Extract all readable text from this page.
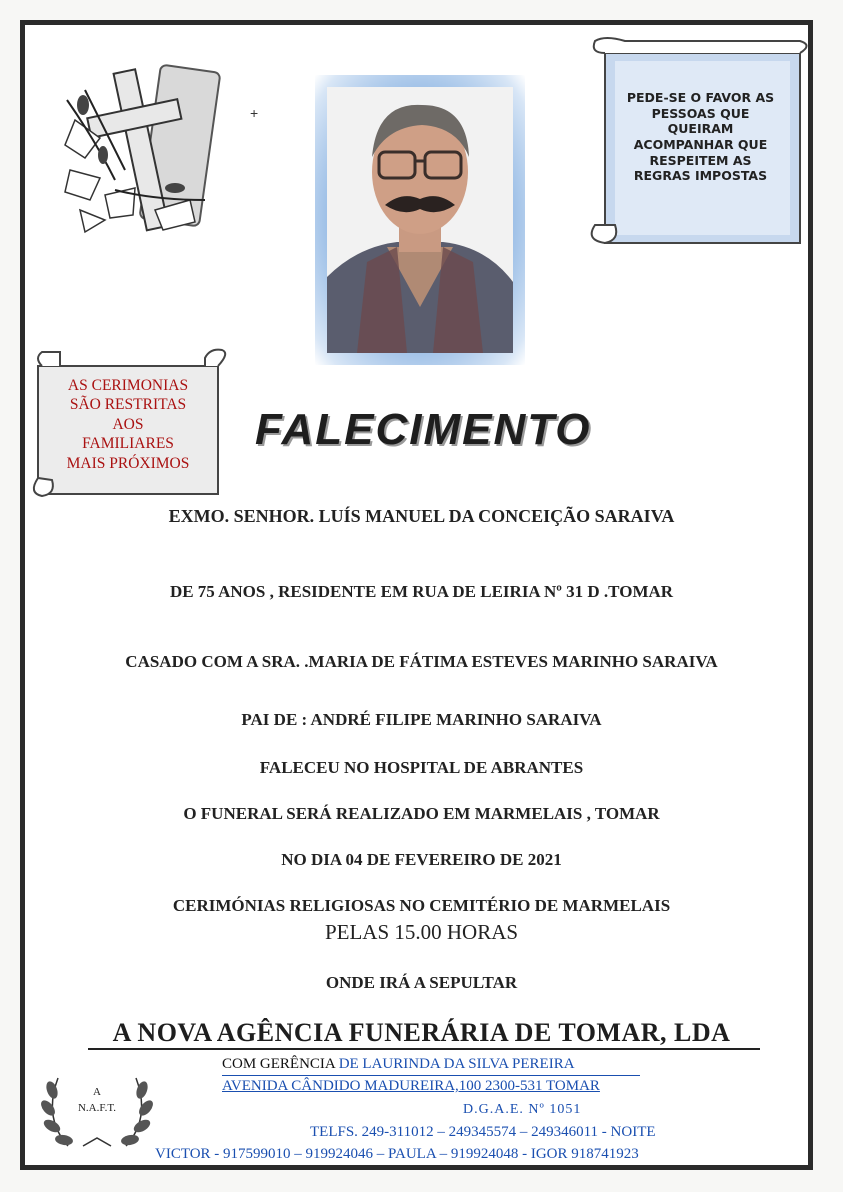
+
PEDE-SE O FAVOR AS
PESSOAS QUE
QUEIRAM
ACOMPANHAR QUE
RESPEITEM AS
REGRAS IMPOSTAS
AS CERIMONIAS
SÃO RESTRITAS
AOS
FAMILIARES
MAIS PRÓXIMOS
FALECIMENTO
EXMO. SENHOR. LUÍS MANUEL DA CONCEIÇÃO SARAIVA
DE 75 ANOS , RESIDENTE EM RUA DE LEIRIA Nº 31 D .TOMAR
CASADO COM A SRA. .MARIA DE FÁTIMA ESTEVES MARINHO SARAIVA
PAI DE : ANDRÉ FILIPE MARINHO SARAIVA
FALECEU NO HOSPITAL DE ABRANTES
O FUNERAL SERÁ REALIZADO EM MARMELAIS , TOMAR
NO DIA 04 DE FEVEREIRO DE 2021
CERIMÓNIAS RELIGIOSAS NO CEMITÉRIO DE MARMELAIS
PELAS 15.00 HORAS
ONDE IRÁ A SEPULTAR
A NOVA AGÊNCIA FUNERÁRIA DE TOMAR, LDA
A
N.A.F.T.
COM GERÊNCIA DE LAURINDA DA SILVA PEREIRA
AVENIDA CÂNDIDO MADUREIRA,100 2300-531 TOMAR
D.G.A.E. Nº 1051
TELFS. 249-311012 – 249345574 – 249346011 - NOITE
VICTOR - 917599010 – 919924046 – PAULA – 919924048 - IGOR 918741923
